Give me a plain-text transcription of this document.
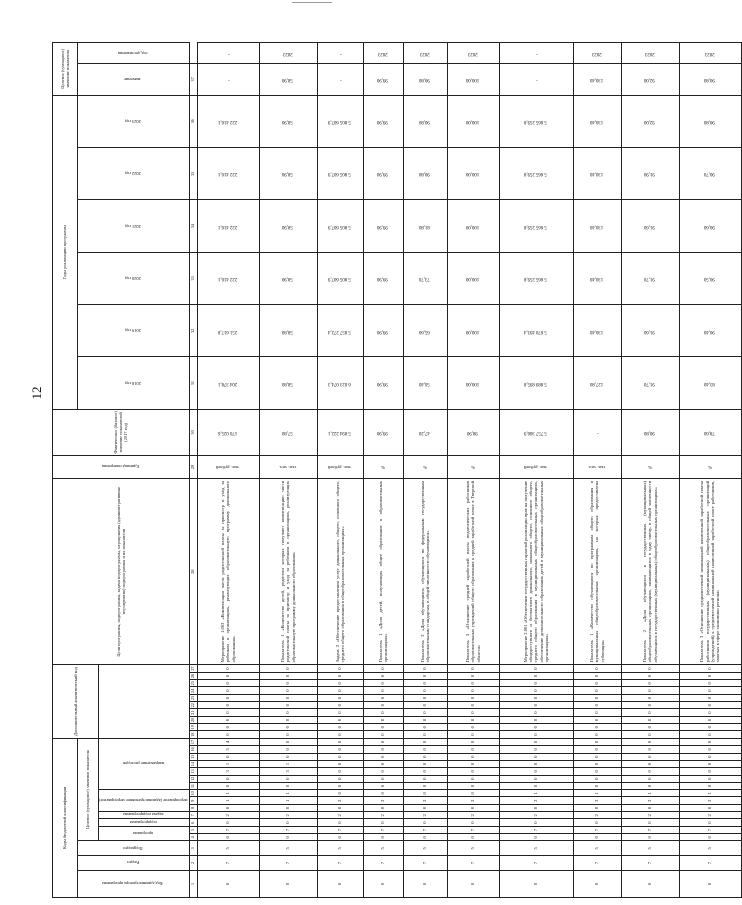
12
Коды бюджетной классификации																	Дополнительный аналитический код										Цели программы, подпрограммы, задачи подпрограммы, мероприятия (административные мероприятия) подпрограммы и их показатели	Единица измерения	Фактическое (базовое) значение показателей (2017 год)	Годы реализации программы						Целевое (суммарное) значение показателя	
Код администратора программы	Раздел	Подраздел	Целевое (суммарное) значение показателя																											2018 год	2019 год	2020 год	2021 год	2022 год	2023 год	значение	год достижения
			программа		подпрограмма	задача подпрограммы	мероприятие (административное мероприятие)			направление расходов																											
1	2	3	4	5	6	7	8	9	10	11	12	13	14	15	16	17	18	19	20	21	22	23	24	25	26	27	28	29	30	31	32	33	34	35	36	37	
0	7	5	0	7	0	2	0	1	1	0	0	3	1	0	5	4	0	0	0	0	0	0	0	0	0	0	Мероприятие 1.003 «Компенсация части родительской платы за присмотр и уход за ребенком в организациях, реализующих образовательную программу дошкольного образования»	тыс. рублей	170 025,6	204 378,1	251 617,8	222 416,1	222 416,1	222 416,1	222 416,1	-	-
0	7	5	0	7	0	2	0	1	1	0	0	3	1	0	0	0	0	0	0	0	0	0	0	0	0	0	Показатель 1 «Количество детей, родители которых получают компенсацию части родительской платы за присмотр и уход за ребенком в организациях, реализующих образовательную программу дошкольного образования»	тыс. чел.	57,80	58,80	58,80	58,90	58,90	58,90	58,90	58,90	2023
0	7	5	0	7	0	2	0	2	0	0	0	0	0	0	0	0	0	0	0	0	0	0	0	0	0	0	Задача 2 «Обеспечение предоставления услуг дошкольного, общего, основного общего, среднего общего образования в общеобразовательных организациях»	тыс. рублей	5 894 222,1	6 023 074,3	5 857 272,4	5 805 607,9	5 805 607,9	5 805 607,9	5 805 607,9	-	-
0	7	5	0	7	0	2	0	2	0	0	0	0	0	0	0	0	0	0	0	0	0	0	0	0	0	0	Показатель 1 «Доля детей, получающих общее образование в образовательных организациях»	%	99,90	99,90	99,90	99,90	99,90	99,90	99,90	99,90	2023
0	7	5	0	7	0	2	0	2	0	0	0	0	0	0	0	0	0	0	0	0	0	0	0	0	0	0	Показатель 2 «Доля обучающихся, обучающихся по федеральным государственным образовательным стандартам, в общей численности обучающихся»	%	47,20	56,40	65,60	73,70	81,80	90,80	90,80	90,80	2023
0	7	5	0	7	0	2	0	2	0	0	0	0	0	0	0	0	0	0	0	0	0	0	0	0	0	0	Показатель 3 «Отношение средней заработной платы педагогических работников образовательных учреждений общего образования к средней заработной плате в Тверской области»	%	98,90	100,00	100,00	100,00	100,00	100,00	100,00	100,00	2023
0	7	5	0	7	0	2	0	2	1	0	0	0	0	0	0	0	0	0	0	0	0	0	0	0	0	0	Мероприятие 2.001 «Обеспечение государственных гарантий реализации прав на получение общедоступного и бесплатного дошкольного, начального общего, основного общего, среднего общего образования в муниципальных общеобразовательных организациях, обеспечение дополнительного образования детей в муниципальных общеобразовательных организациях»	тыс. рублей	5 757 366,9	5 889 895,8	5 670 493,4	5 665 259,8	5 665 259,8	5 665 259,8	5 665 259,8	-	-
0	7	5	0	7	0	2	0	2	1	0	0	0	0	0	0	0	0	0	0	0	0	0	0	0	0	0	Показатель 1 «Количество обучающихся по программам общего образования в муниципальных общеобразовательных организациях, на которых предоставлена субвенция»	тыс. чел.	-	127,80	130,40	130,40	130,40	130,40	130,40	130,40	2023
0	7	5	0	7	0	2	0	2	1	0	0	0	0	0	0	0	0	0	0	0	0	0	0	0	0	0	Показатель 2 «Доля обучающихся в государственных (муниципальных) общеобразовательных организациях, занимающихся в одну смену, в общей численности обучающихся в государственных (муниципальных) общеобразовательных организациях»	%	90,80	91,70	91,60	91,70	91,60	91,90	92,00	92,00	2023
0	7	5	0	7	0	2	0	2	1	0	0	0	0	0	0	0	0	0	0	0	0	0	0	0	0	0	Показатель 3 «Отношение среднемесячной номинальной начисленной заработной платы работников государственных (муниципальных) общеобразовательных организаций (учреждений) к среднемесячной номинальной начисленной заработной плате работников, занятых в сфере экономики региона»	%	78,60	83,40	90,40	90,50	90,60	90,70	90,80	90,80	2023
